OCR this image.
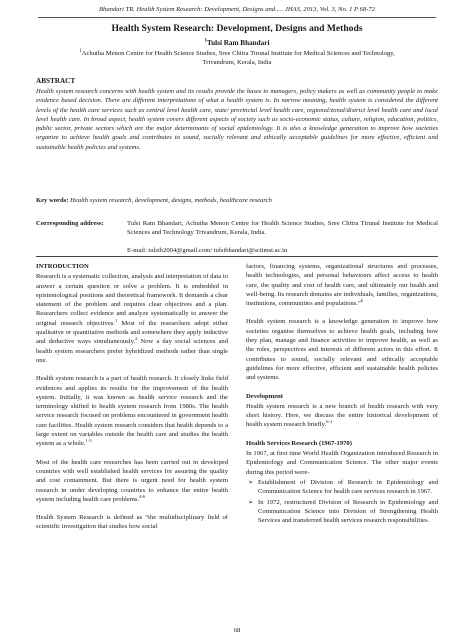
Bhandari TR. Health System Research: Development, Designs and..... JHAS, 2013, Vol. 3, No. 1 P 68-72
Health System Research: Development, Designs and Methods
$^1$Tulsi Ram Bhandari
$^1$Achutha Menon Centre for Health Science Studies, Sree Chitra Tirunal Institute for Medical Sciences and Technology,
Trivandrum, Kerala, India
ABSTRACT
Health system research concerns with health system and its results provide the bases to managers, policy makers as well as community people to make evidence based decision. There are different interpretations of what a health system is. In narrow meaning, health system is considered the different levels of the health care services such as central level health care, state/ provincial level health care, regional/zonal/district level health care and local level health care. In broad aspect, health system covers different aspects of society such as socio-economic status, culture, religion, education, politics, public sector, private sectors which are the major determinants of social epidemiology. It is also a knowledge generation to improve how societies organize to achieve health goals and contributes to sound, socially relevant and ethically acceptable guidelines for more effective, efficient and sustainable health policies and systems.
Key words: Health system research, development, designs, methods, healthcare research
Corresponding address:	Tulsi Ram Bhandari, Achutha Menon Centre for Health Science Studies, Sree Chitra Tirunal Institute for Medical Sciences and Technology Trivandrum, Kerala, India.
E-mail: tulsib2004@gmail.com/ tulsibhandari@sctimst.ac.in
INTRODUCTION

Research is a systematic collection, analysis and interpretation of data to answer a certain question or solve a problem. It is embedded in epistemological positions and theoretical framework. It demands a clear statement of the problem and requires clear objectives and a plan. Researchers collect evidence and analyze systematically to answer the original research objectives.$^1$ Most of the researchers adopt either qualitative or quantitative methods and somewhere they apply inductive and deductive ways simultaneously.$^2$ Now a day social sciences and health system researchers prefer hybridized methods rather than single one.

Health system research is a part of health research. It closely links field evidences and applies its results for the improvement of the health system. Initially, it was known as health service research and the terminology shifted to health system research from 1980s. The health service research focused on problems encountered in government health care facilities. Health system research considers that health depends to a large extent on variables outside the health care and studies the health system as a whole.$^{1-3}$

Most of the health care researches has been carried out in developed countries with well established health services for assuring the quality and cost containment. But there is urgent need for health system research in under developing countries to enhance the entire health system including health care problems.$^{4-6}$

Health System Research is defined as “the multidisciplinary field of scientific investigation that studies how social

factors, financing systems, organizational structures and processes, health technologies, and personal behaviours affect access to health care, the quality and cost of health care, and ultimately our health and well-being. Its research domains are individuals, families, organizations, institutions, communities and populations.”$^6$

Health system research is a knowledge generation to improve how societies organise themselves to achieve health goals, including how they plan, manage and finance activities to improve health, as well as the roles, perspectives and interests of different actors in this effort. It contributes to sound, socially relevant and ethically acceptable guidelines for more effective, efficient and sustainable health policies and systems.

Development

Health system research is a new branch of health research with very short history. Here, we discuss the entire historical development of health system research briefly.$^{6-1}$

Health Services Research (1967-1970)
In 1967, at first time World Health Organization introduced Research in Epidemiology and Communication Science. The other major events during this period were-
➢ Establishment of Division of Research in Epidemiology and Communication Science for health care services research in 1967.
➢ In 1972, restructured Division of Research in Epidemiology and Communication Science into Division of Strengthening Health Services and transferred health services research responsibilities.
68
